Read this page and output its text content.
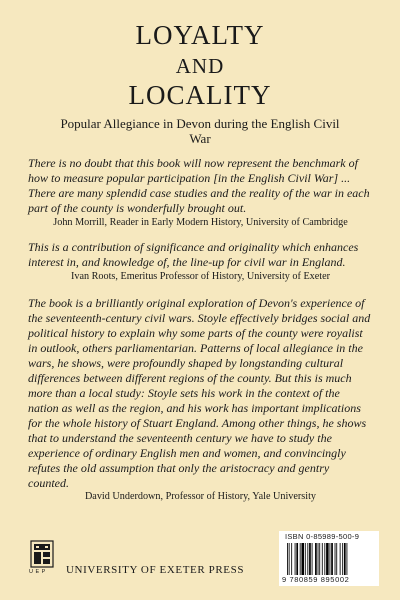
LOYALTY
AND
LOCALITY
Popular Allegiance in Devon during the English Civil War
There is no doubt that this book will now represent the benchmark of how to measure popular participation [in the English Civil War] ... There are many splendid case studies and the reality of the war in each part of the county is wonderfully brought out.
John Morrill, Reader in Early Modern History, University of Cambridge
This is a contribution of significance and originality which enhances interest in, and knowledge of, the line-up for civil war in England.
Ivan Roots, Emeritus Professor of History, University of Exeter
The book is a brilliantly original exploration of Devon's experience of the seventeenth-century civil wars. Stoyle effectively bridges social and political history to explain why some parts of the county were royalist in outlook, others parliamentarian. Patterns of local allegiance in the wars, he shows, were profoundly shaped by longstanding cultural differences between different regions of the county. But this is much more than a local study: Stoyle sets his work in the context of the nation as well as the region, and his work has important implications for the whole history of Stuart England. Among other things, he shows that to understand the seventeenth century we have to study the experience of ordinary English men and women, and convincingly refutes the old assumption that only the aristocracy and gentry counted.
David Underdown, Professor of History, Yale University
UEP	UNIVERSITY OF EXETER PRESS
ISBN 0-85989-500-9
9 780859 895002
